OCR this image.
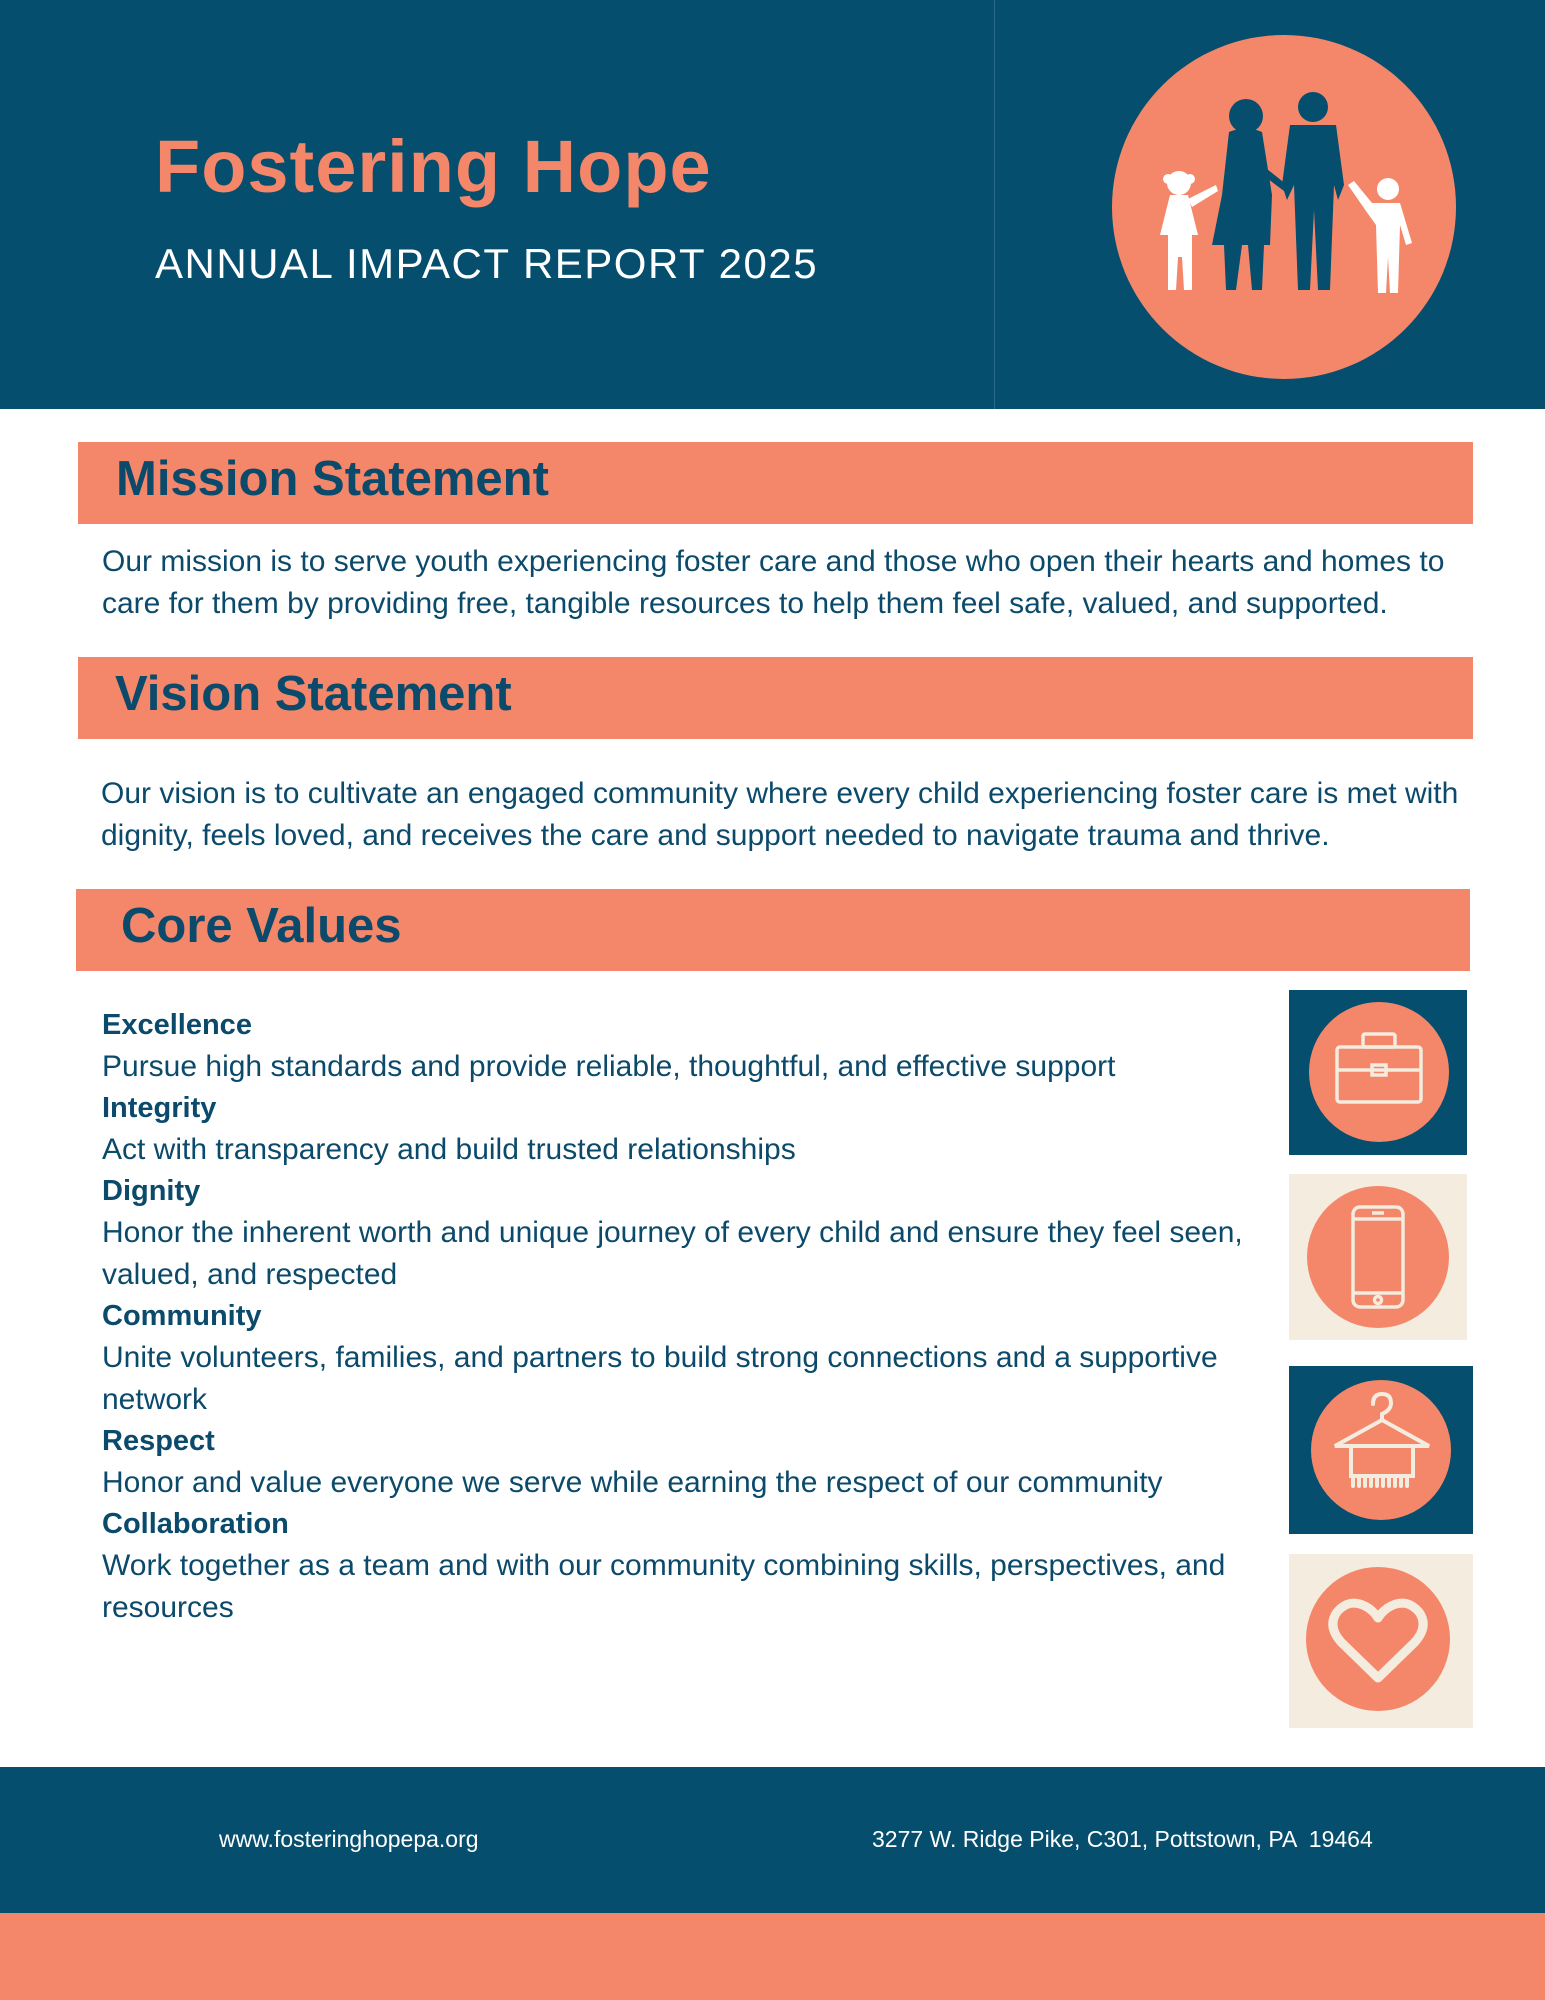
Fostering Hope
ANNUAL IMPACT REPORT 2025
Mission Statement
Our mission is to serve youth experiencing foster care and those who open their hearts and homes to care for them by providing free, tangible resources to help them feel safe, valued, and supported.
Vision Statement
Our vision is to cultivate an engaged community where every child experiencing foster care is met with dignity, feels loved, and receives the care and support needed to navigate trauma and thrive.
Core Values
Excellence
Pursue high standards and provide reliable, thoughtful, and effective support
Integrity
Act with transparency and build trusted relationships
Dignity
Honor the inherent worth and unique journey of every child and ensure they feel seen, valued, and respected
Community
Unite volunteers, families, and partners to build strong connections and a supportive network
Respect
Honor and value everyone we serve while earning the respect of our community
Collaboration
Work together as a team and with our community combining skills, perspectives, and resources
www.fosteringhopepa.org	3277 W. Ridge Pike, C301, Pottstown, PA  19464
